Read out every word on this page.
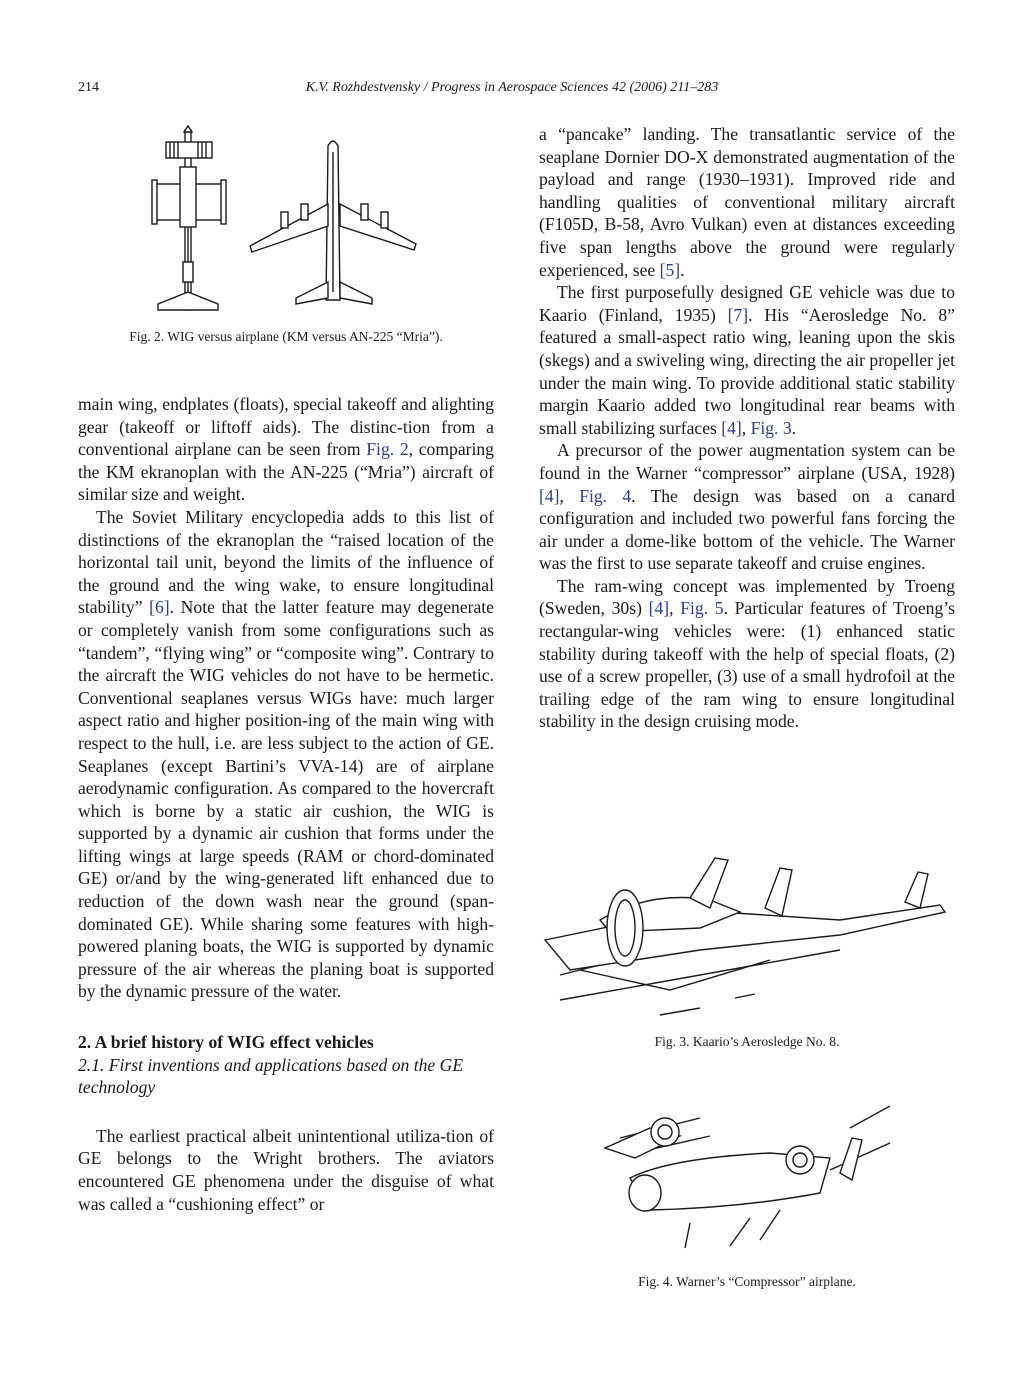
214	K.V. Rozhdestvensky / Progress in Aerospace Sciences 42 (2006) 211–283
Fig. 2. WIG versus airplane (KM versus AN-225 “Mria”).

main wing, endplates (floats), special takeoff and alighting gear (takeoff or liftoff aids). The distinc-tion from a conventional airplane can be seen from Fig. 2, comparing the KM ekranoplan with the AN-225 (“Mria”) aircraft of similar size and weight.

The Soviet Military encyclopedia adds to this list of distinctions of the ekranoplan the “raised location of the horizontal tail unit, beyond the limits of the influence of the ground and the wing wake, to ensure longitudinal stability” [6]. Note that the latter feature may degenerate or completely vanish from some configurations such as “tandem”, “flying wing” or “composite wing”. Contrary to the aircraft the WIG vehicles do not have to be hermetic. Conventional seaplanes versus WIGs have: much larger aspect ratio and higher position-ing of the main wing with respect to the hull, i.e. are less subject to the action of GE. Seaplanes (except Bartini’s VVA-14) are of airplane aerodynamic configuration. As compared to the hovercraft which is borne by a static air cushion, the WIG is supported by a dynamic air cushion that forms under the lifting wings at large speeds (RAM or chord-dominated GE) or/and by the wing-generated lift enhanced due to reduction of the down wash near the ground (span-dominated GE). While sharing some features with high-powered planing boats, the WIG is supported by dynamic pressure of the air whereas the planing boat is supported by the dynamic pressure of the water.

2. A brief history of WIG effect vehicles

2.1. First inventions and applications based on the GE technology

The earliest practical albeit unintentional utiliza-tion of GE belongs to the Wright brothers. The aviators encountered GE phenomena under the disguise of what was called a “cushioning effect” or

a “pancake” landing. The transatlantic service of the seaplane Dornier DO-X demonstrated augmentation of the payload and range (1930–1931). Improved ride and handling qualities of conventional military aircraft (F105D, B-58, Avro Vulkan) even at distances exceeding five span lengths above the ground were regularly experienced, see [5].

The first purposefully designed GE vehicle was due to Kaario (Finland, 1935) [7]. His “Aerosledge No. 8” featured a small-aspect ratio wing, leaning upon the skis (skegs) and a swiveling wing, directing the air propeller jet under the main wing. To provide additional static stability margin Kaario added two longitudinal rear beams with small stabilizing surfaces [4], Fig. 3.

A precursor of the power augmentation system can be found in the Warner “compressor” airplane (USA, 1928) [4], Fig. 4. The design was based on a canard configuration and included two powerful fans forcing the air under a dome-like bottom of the vehicle. The Warner was the first to use separate takeoff and cruise engines.

The ram-wing concept was implemented by Troeng (Sweden, 30s) [4], Fig. 5. Particular features of Troeng’s rectangular-wing vehicles were: (1) enhanced static stability during takeoff with the help of special floats, (2) use of a screw propeller, (3) use of a small hydrofoil at the trailing edge of the ram wing to ensure longitudinal stability in the design cruising mode.

Fig. 3. Kaario’s Aerosledge No. 8.
Fig. 4. Warner’s “Compressor” airplane.
